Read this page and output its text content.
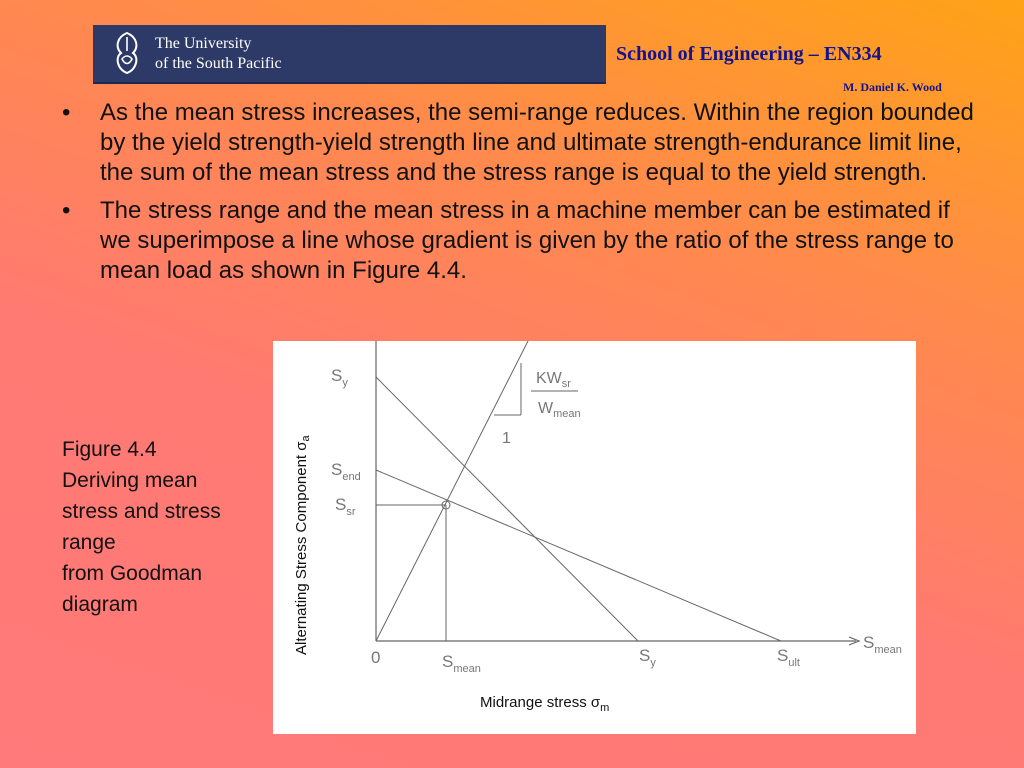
The University
of the South Pacific	School of Engineering – EN334
M. Daniel K. Wood
• As the mean stress increases, the semi-range reduces. Within the region bounded by the yield strength-yield strength line and ultimate strength-endurance limit line, the sum of the mean stress and the stress range is equal to the yield strength.
• The stress range and the mean stress in a machine member can be estimated if we superimpose a line whose gradient is given by the ratio of the stress range to mean load as shown in Figure 4.4.
Figure 4.4
Deriving mean
stress and stress
range
from Goodman
diagram	Alternating Stress Component $\sigma_a$
Midrange stress $\sigma_m$
$S_y$
$S_{end}$
$S_{sr}$
0	$S_{mean}$
$S_y$	$S_{ult}$
$S_{mean}$
$KW_{sr}$
$W_{mean}$
1
